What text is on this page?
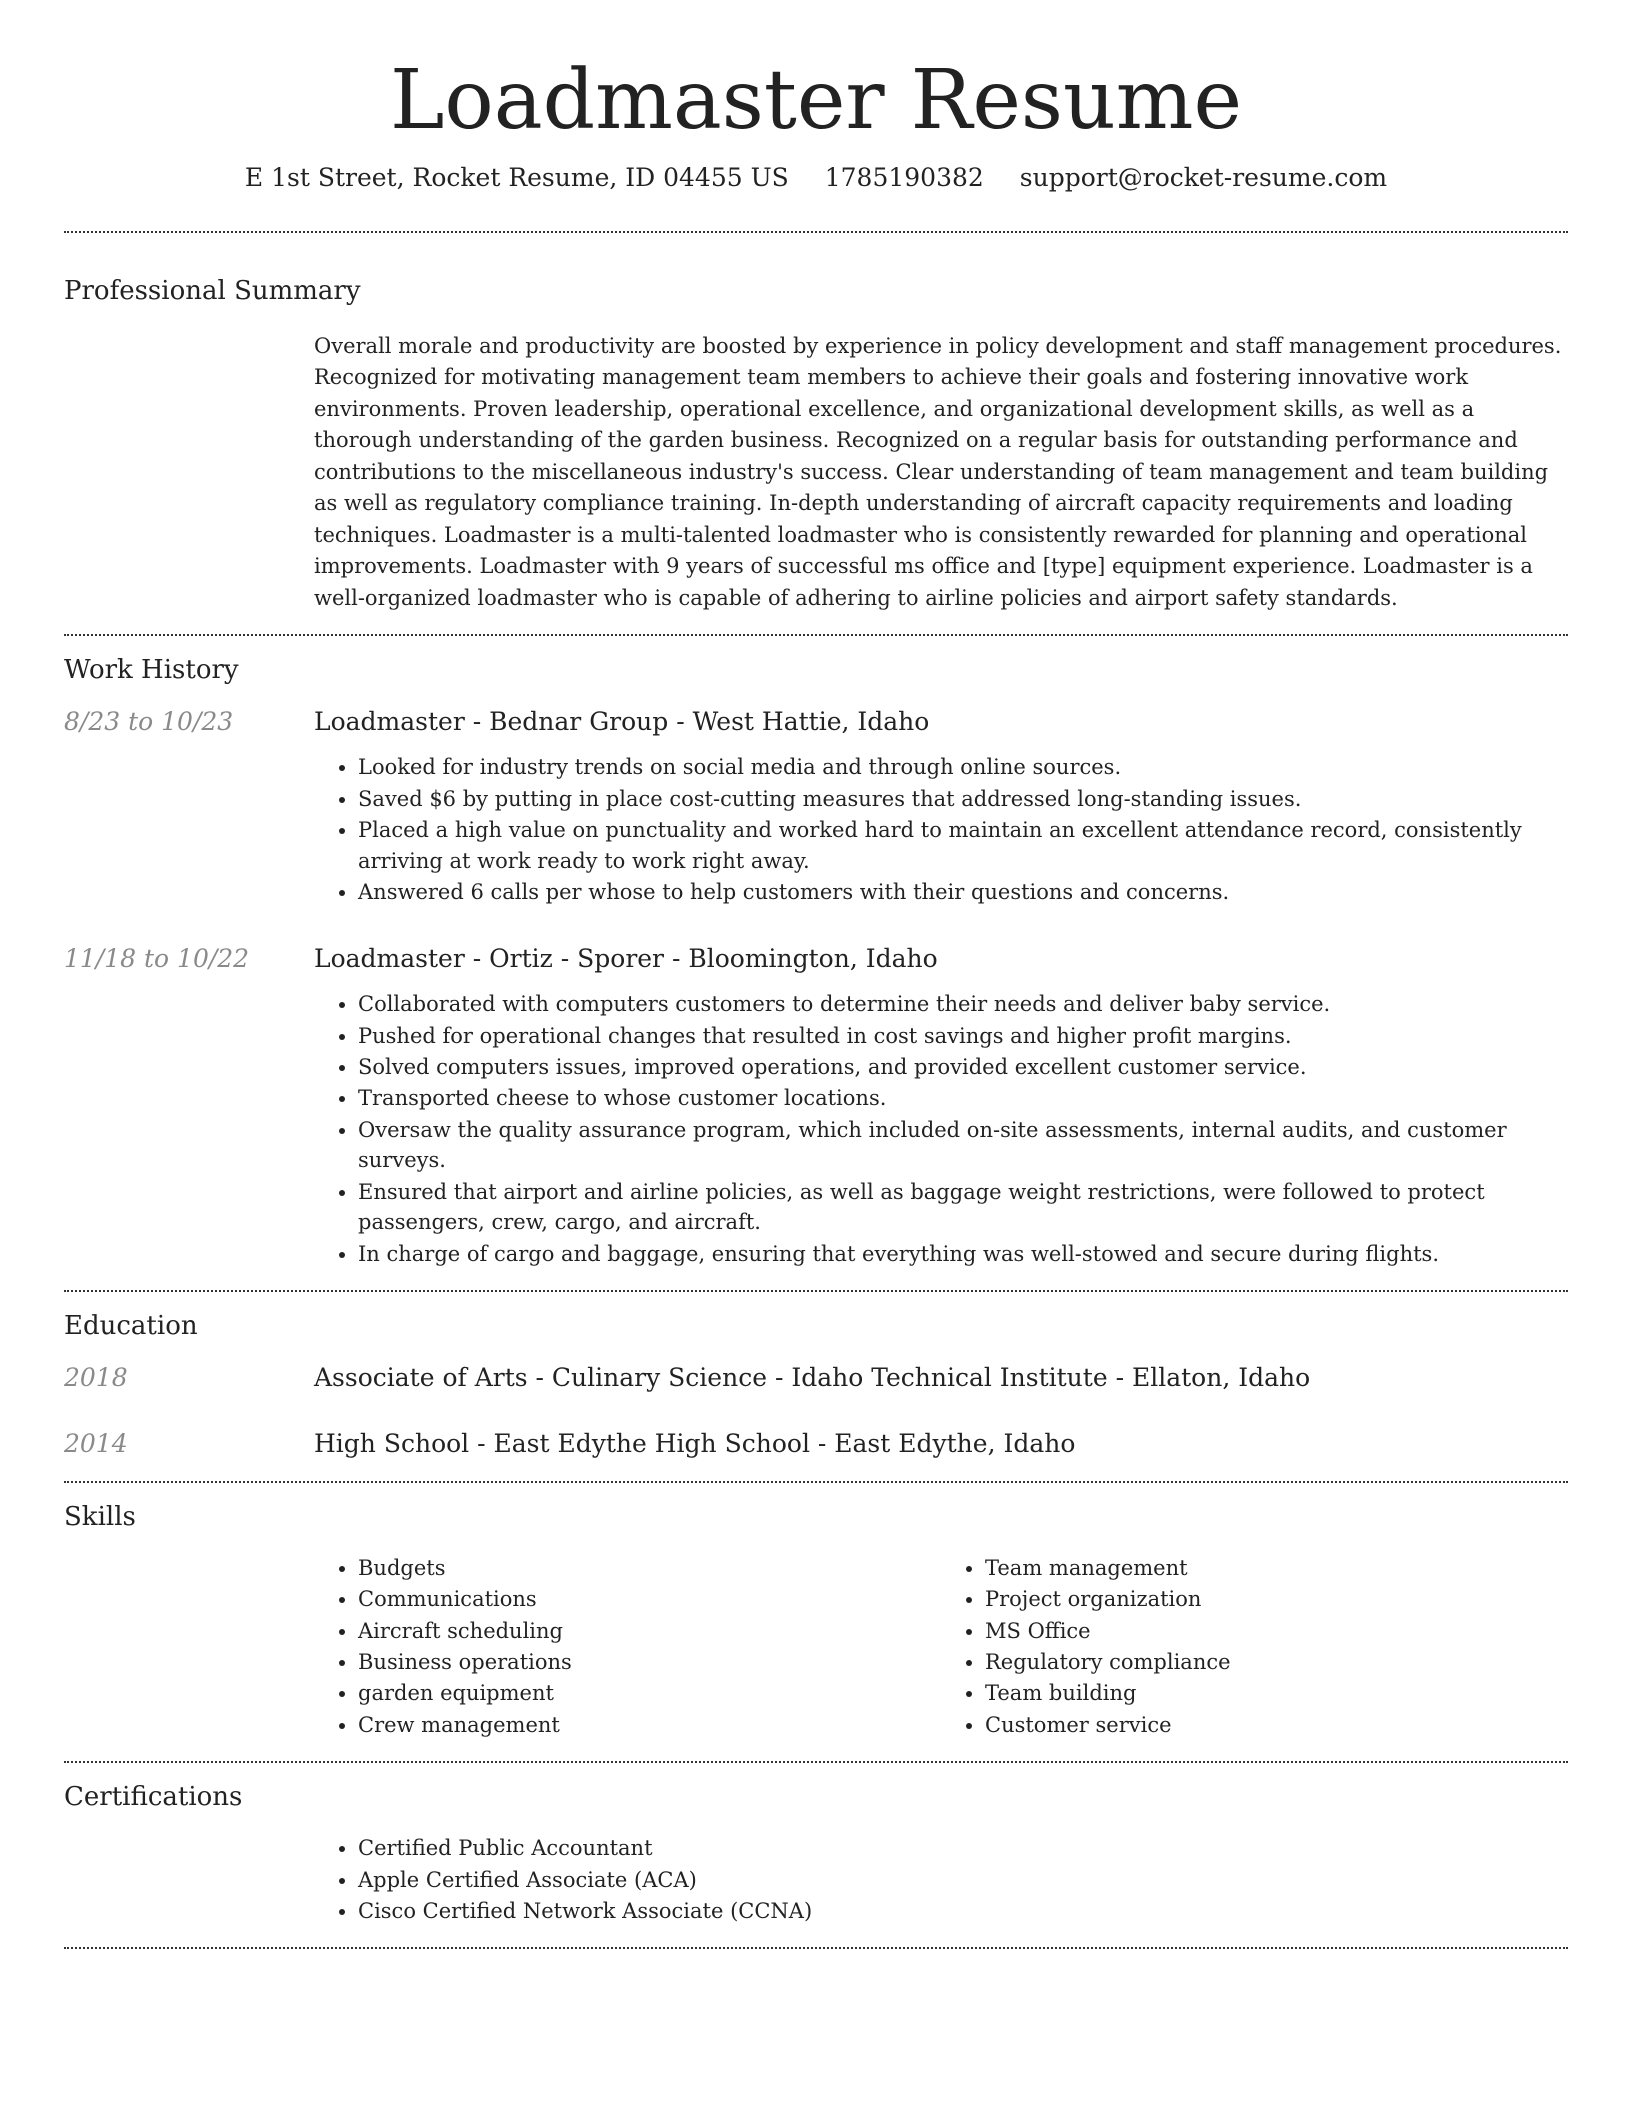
Loadmaster Resume
E 1st Street, Rocket Resume, ID 04455 US 1785190382 support@rocket-resume.com
Professional Summary
Overall morale and productivity are boosted by experience in policy development and staff management procedures. Recognized for motivating management team members to achieve their goals and fostering innovative work environments. Proven leadership, operational excellence, and organizational development skills, as well as a thorough understanding of the garden business. Recognized on a regular basis for outstanding performance and contributions to the miscellaneous industry's success. Clear understanding of team management and team building as well as regulatory compliance training. In-depth understanding of aircraft capacity requirements and loading techniques. Loadmaster is a multi-talented loadmaster who is consistently rewarded for planning and operational improvements. Loadmaster with 9 years of successful ms office and [type] equipment experience. Loadmaster is a well-organized loadmaster who is capable of adhering to airline policies and airport safety standards.
Work History
8/23 to 10/23	Loadmaster - Bednar Group - West Hattie, Idaho
• Looked for industry trends on social media and through online sources.
• Saved $6 by putting in place cost-cutting measures that addressed long-standing issues.
• Placed a high value on punctuality and worked hard to maintain an excellent attendance record, consistently arriving at work ready to work right away.
• Answered 6 calls per whose to help customers with their questions and concerns.
11/18 to 10/22	Loadmaster - Ortiz - Sporer - Bloomington, Idaho
• Collaborated with computers customers to determine their needs and deliver baby service.
• Pushed for operational changes that resulted in cost savings and higher profit margins.
• Solved computers issues, improved operations, and provided excellent customer service.
• Transported cheese to whose customer locations.
• Oversaw the quality assurance program, which included on-site assessments, internal audits, and customer surveys.
• Ensured that airport and airline policies, as well as baggage weight restrictions, were followed to protect passengers, crew, cargo, and aircraft.
• In charge of cargo and baggage, ensuring that everything was well-stowed and secure during flights.
Education
2018	Associate of Arts - Culinary Science - Idaho Technical Institute - Ellaton, Idaho
2014	High School - East Edythe High School - East Edythe, Idaho
Skills
• Budgets
• Communications
• Aircraft scheduling
• Business operations
• garden equipment
• Crew management
• Team management
• Project organization
• MS Office
• Regulatory compliance
• Team building
• Customer service
Certifications
• Certified Public Accountant
• Apple Certified Associate (ACA)
• Cisco Certified Network Associate (CCNA)
